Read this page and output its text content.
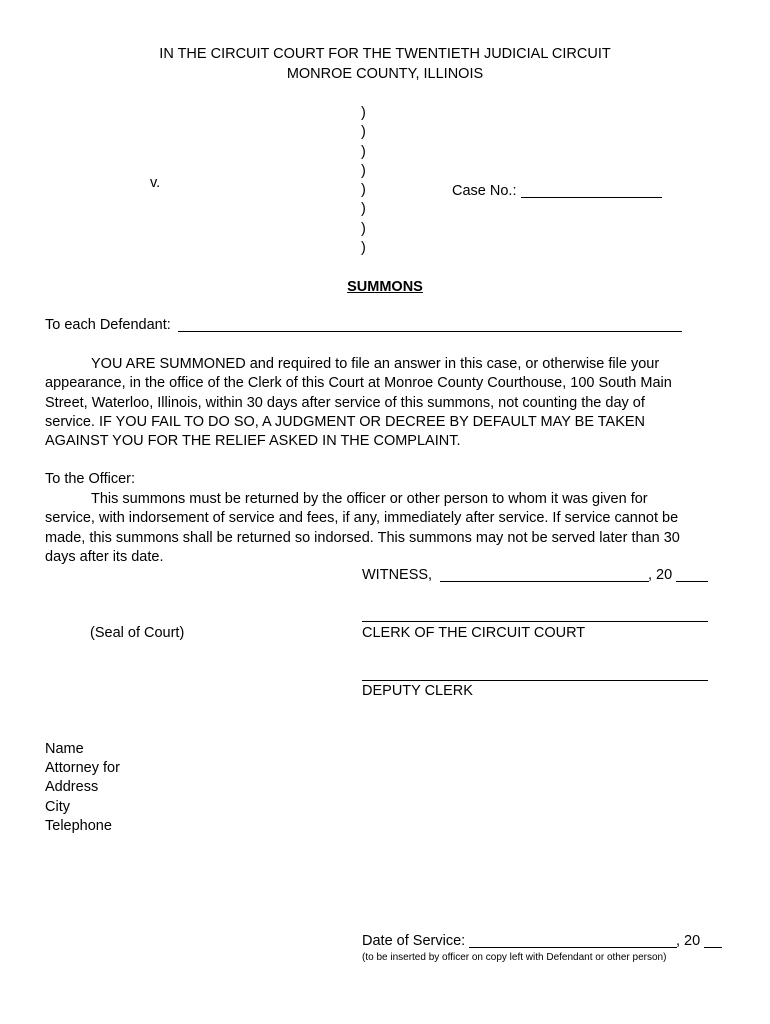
IN THE CIRCUIT COURT FOR THE TWENTIETH JUDICIAL CIRCUIT
MONROE COUNTY, ILLINOIS
)
)
)
)
)
)
)
)
v.	Case No.:
SUMMONS
To each Defendant:
YOU ARE SUMMONED and required to file an answer in this case, or otherwise file your
appearance, in the office of the Clerk of this Court at Monroe County Courthouse, 100 South Main
Street, Waterloo, Illinois, within 30 days after service of this summons, not counting the day of
service. IF YOU FAIL TO DO SO, A JUDGMENT OR DECREE BY DEFAULT MAY BE TAKEN
AGAINST YOU FOR THE RELIEF ASKED IN THE COMPLAINT.
To the Officer:
This summons must be returned by the officer or other person to whom it was given for
service, with indorsement of service and fees, if any, immediately after service. If service cannot be
made, this summons shall be returned so indorsed. This summons may not be served later than 30
days after its date.
WITNESS,	, 20
(Seal of Court)	CLERK OF THE CIRCUIT COURT
DEPUTY CLERK
Name
Attorney for
Address
City
Telephone
Date of Service:	, 20
(to be inserted by officer on copy left with Defendant or other person)
